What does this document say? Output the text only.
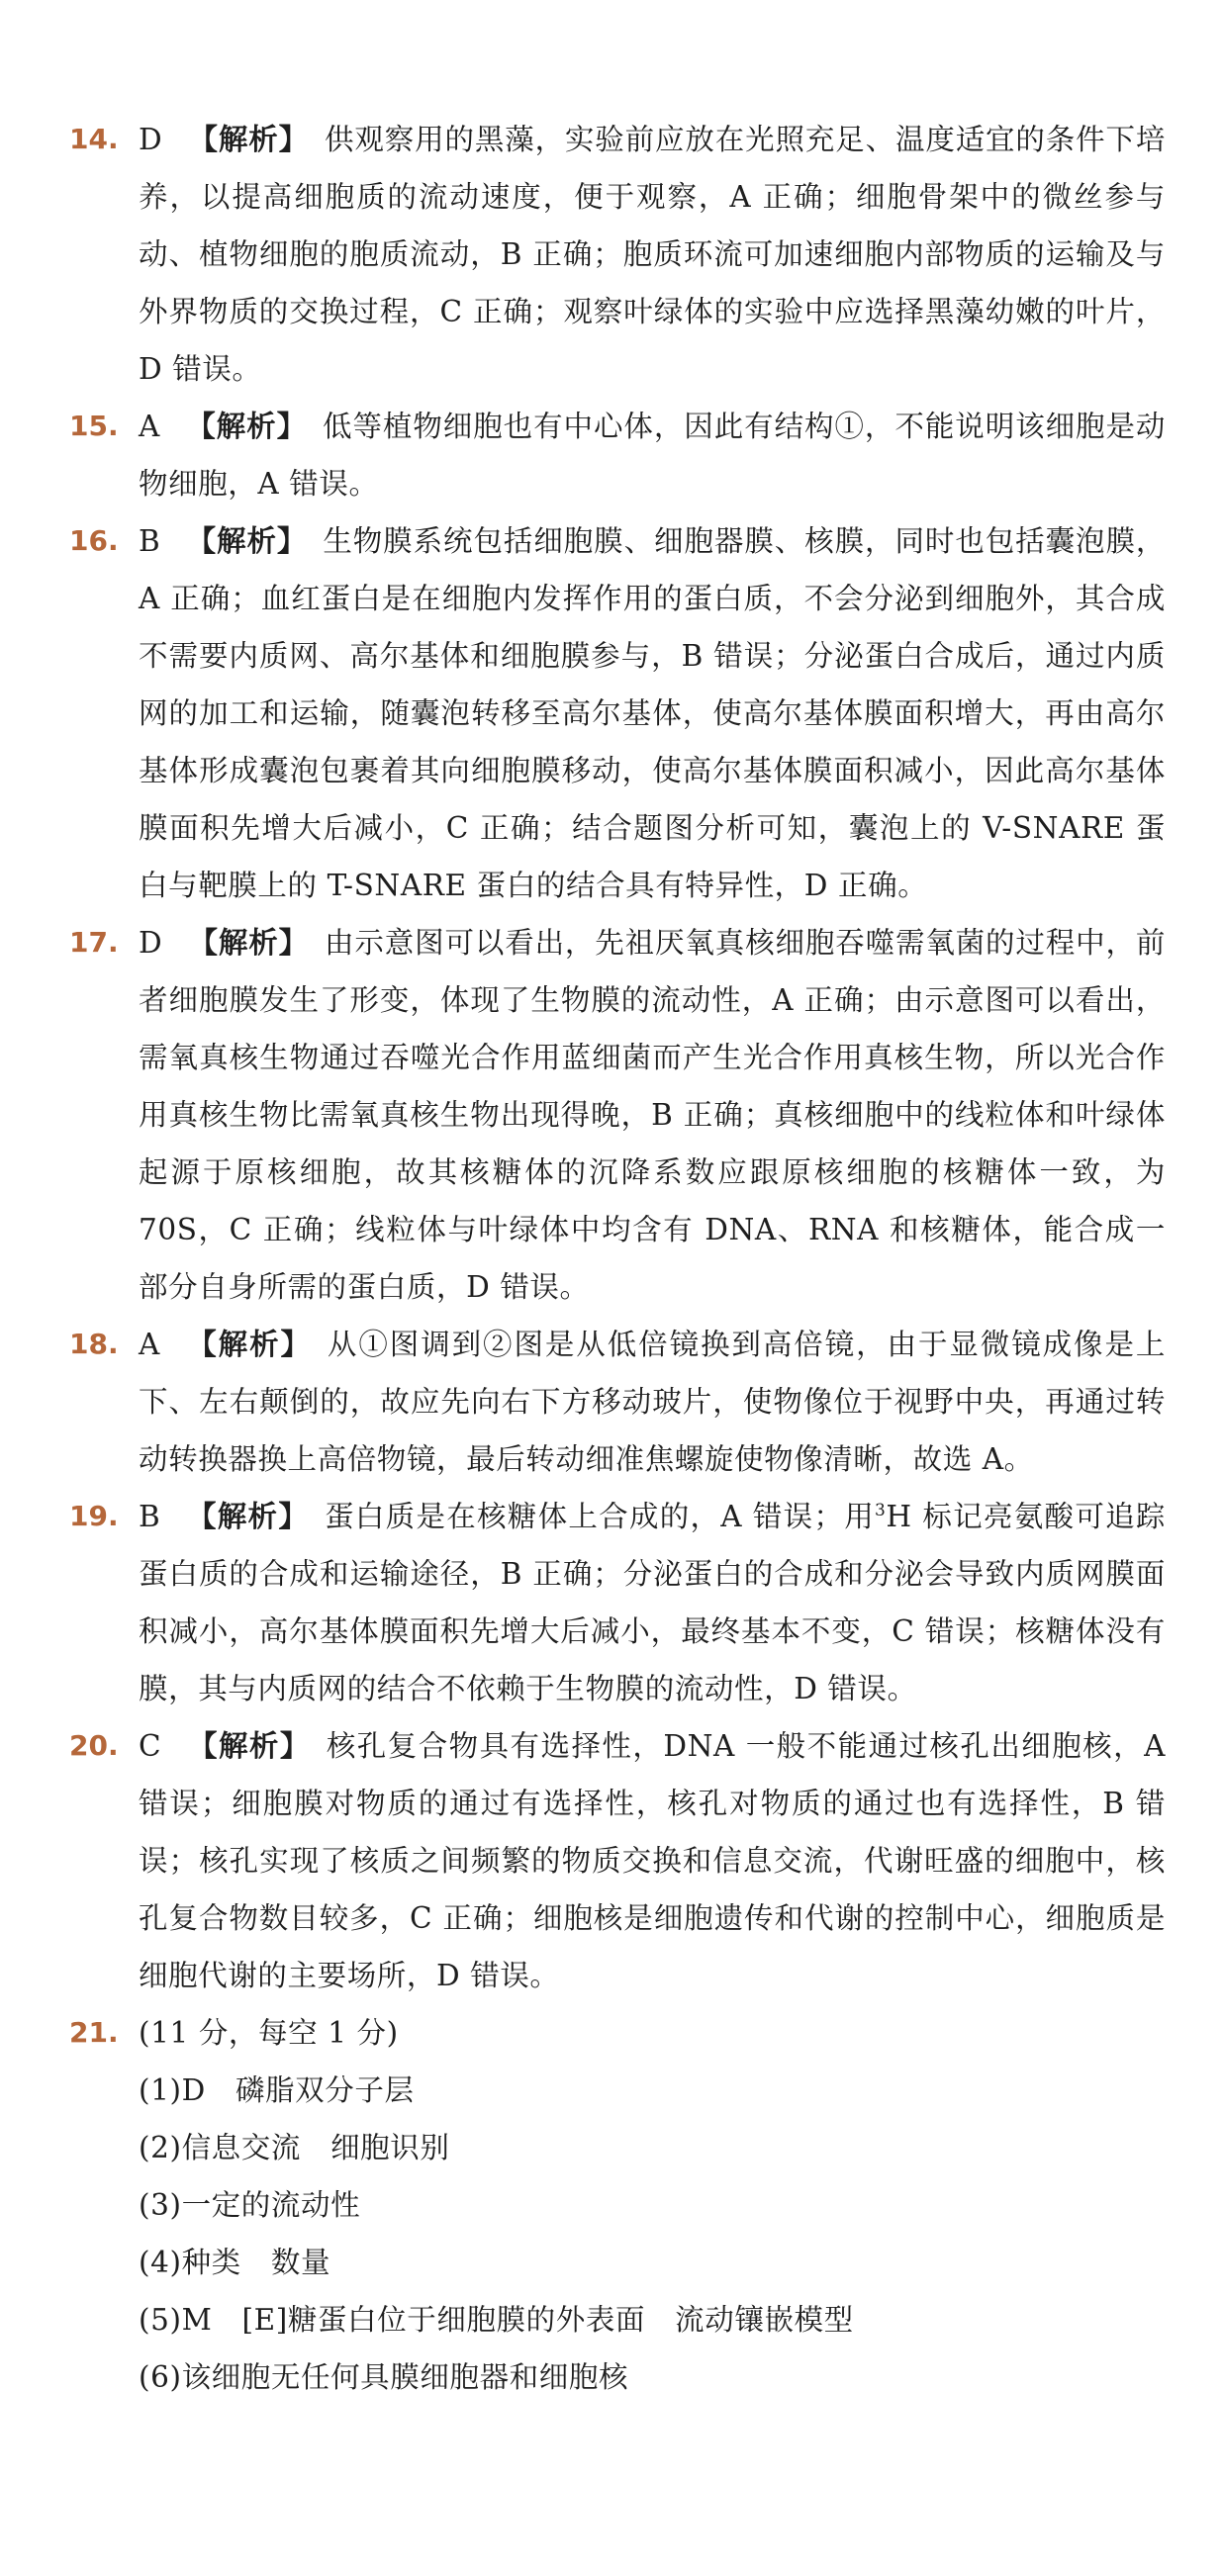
14. D 【解析】 供观察用的黑藻，实验前应放在光照充足、温度适宜的条件下培养，以提高细胞质的流动速度，便于观察，A 正确；细胞骨架中的微丝参与动、植物细胞的胞质流动，B 正确；胞质环流可加速细胞内部物质的运输及与外界物质的交换过程，C 正确；观察叶绿体的实验中应选择黑藻幼嫩的叶片，D 错误。
15. A 【解析】 低等植物细胞也有中心体，因此有结构①，不能说明该细胞是动物细胞，A 错误。
16. B 【解析】 生物膜系统包括细胞膜、细胞器膜、核膜，同时也包括囊泡膜，A 正确；血红蛋白是在细胞内发挥作用的蛋白质，不会分泌到细胞外，其合成不需要内质网、高尔基体和细胞膜参与，B 错误；分泌蛋白合成后，通过内质网的加工和运输，随囊泡转移至高尔基体，使高尔基体膜面积增大，再由高尔基体形成囊泡包裹着其向细胞膜移动，使高尔基体膜面积减小，因此高尔基体膜面积先增大后减小，C 正确；结合题图分析可知，囊泡上的 V-SNARE 蛋白与靶膜上的 T-SNARE 蛋白的结合具有特异性，D 正确。
17. D 【解析】 由示意图可以看出，先祖厌氧真核细胞吞噬需氧菌的过程中，前者细胞膜发生了形变，体现了生物膜的流动性，A 正确；由示意图可以看出，需氧真核生物通过吞噬光合作用蓝细菌而产生光合作用真核生物，所以光合作用真核生物比需氧真核生物出现得晚，B 正确；真核细胞中的线粒体和叶绿体起源于原核细胞，故其核糖体的沉降系数应跟原核细胞的核糖体一致，为 70S，C 正确；线粒体与叶绿体中均含有 DNA、RNA 和核糖体，能合成一部分自身所需的蛋白质，D 错误。
18. A 【解析】 从①图调到②图是从低倍镜换到高倍镜，由于显微镜成像是上下、左右颠倒的，故应先向右下方移动玻片，使物像位于视野中央，再通过转动转换器换上高倍物镜，最后转动细准焦螺旋使物像清晰，故选 A。
19. B 【解析】 蛋白质是在核糖体上合成的，A 错误；用$^3$H 标记亮氨酸可追踪蛋白质的合成和运输途径，B 正确；分泌蛋白的合成和分泌会导致内质网膜面积减小，高尔基体膜面积先增大后减小，最终基本不变，C 错误；核糖体没有膜，其与内质网的结合不依赖于生物膜的流动性，D 错误。
20. C 【解析】 核孔复合物具有选择性，DNA 一般不能通过核孔出细胞核，A 错误；细胞膜对物质的通过有选择性，核孔对物质的通过也有选择性，B 错误；核孔实现了核质之间频繁的物质交换和信息交流，代谢旺盛的细胞中，核孔复合物数目较多，C 正确；细胞核是细胞遗传和代谢的控制中心，细胞质是细胞代谢的主要场所，D 错误。
21. (11 分，每空 1 分)
(1)D　磷脂双分子层
(2)信息交流　细胞识别
(3)一定的流动性
(4)种类　数量
(5)M　[E]糖蛋白位于细胞膜的外表面　流动镶嵌模型
(6)该细胞无任何具膜细胞器和细胞核
